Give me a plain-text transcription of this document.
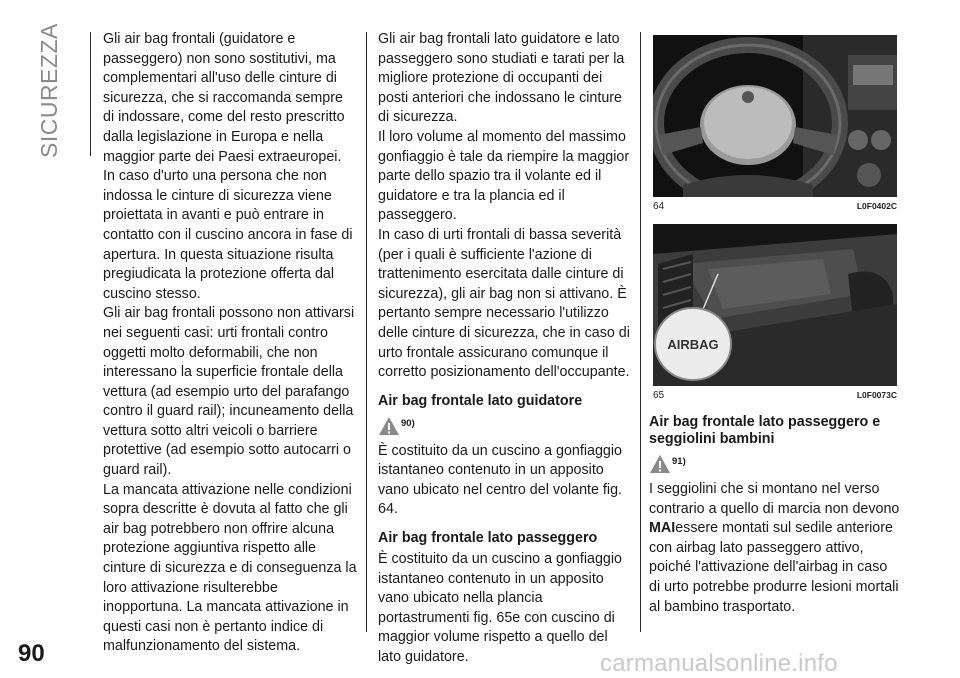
SICUREZZA	Gli air bag frontali (guidatore e passeggero) non sono sostitutivi, ma complementari all'uso delle cinture di sicurezza, che si raccomanda sempre di indossare, come del resto prescritto dalla legislazione in Europa e nella maggior parte dei Paesi extraeuropei.

In caso d'urto una persona che non indossa le cinture di sicurezza viene proiettata in avanti e può entrare in contatto con il cuscino ancora in fase di apertura. In questa situazione risulta pregiudicata la protezione offerta dal cuscino stesso.

Gli air bag frontali possono non attivarsi nei seguenti casi: urti frontali contro oggetti molto deformabili, che non interessano la superficie frontale della vettura (ad esempio urto del parafango contro il guard rail); incuneamento della vettura sotto altri veicoli o barriere protettive (ad esempio sotto autocarri o guard rail).

La mancata attivazione nelle condizioni sopra descritte è dovuta al fatto che gli air bag potrebbero non offrire alcuna protezione aggiuntiva rispetto alle cinture di sicurezza e di conseguenza la loro attivazione risulterebbe inopportuna. La mancata attivazione in questi casi non è pertanto indice di malfunzionamento del sistema.

Gli air bag frontali lato guidatore e lato passeggero sono studiati e tarati per la migliore protezione di occupanti dei posti anteriori che indossano le cinture di sicurezza.

Il loro volume al momento del massimo gonfiaggio è tale da riempire la maggior parte dello spazio tra il volante ed il guidatore e tra la plancia ed il passeggero.

In caso di urti frontali di bassa severità (per i quali è sufficiente l'azione di trattenimento esercitata dalle cinture di sicurezza), gli air bag non si attivano. È pertanto sempre necessario l'utilizzo delle cinture di sicurezza, che in caso di urto frontale assicurano comunque il corretto posizionamento dell'occupante.

Air bag frontale lato guidatore
90)

È costituito da un cuscino a gonfiaggio istantaneo contenuto in un apposito vano ubicato nel centro del volante fig. 64.

Air bag frontale lato passeggero

È costituito da un cuscino a gonfiaggio istantaneo contenuto in un apposito vano ubicato nella plancia portastrumenti fig. 65e con cuscino di maggior volume rispetto a quello del lato guidatore.

64	L0F0402C
AIRBAG
65	L0F0073C
Air bag frontale lato passeggero e seggiolini bambini
91)

I seggiolini che si montano nel verso contrario a quello di marcia non devono MAIessere montati sul sedile anteriore con airbag lato passeggero attivo, poiché l'attivazione dell'airbag in caso di urto potrebbe produrre lesioni mortali al bambino trasportato.

90	carmanualsonline.info
